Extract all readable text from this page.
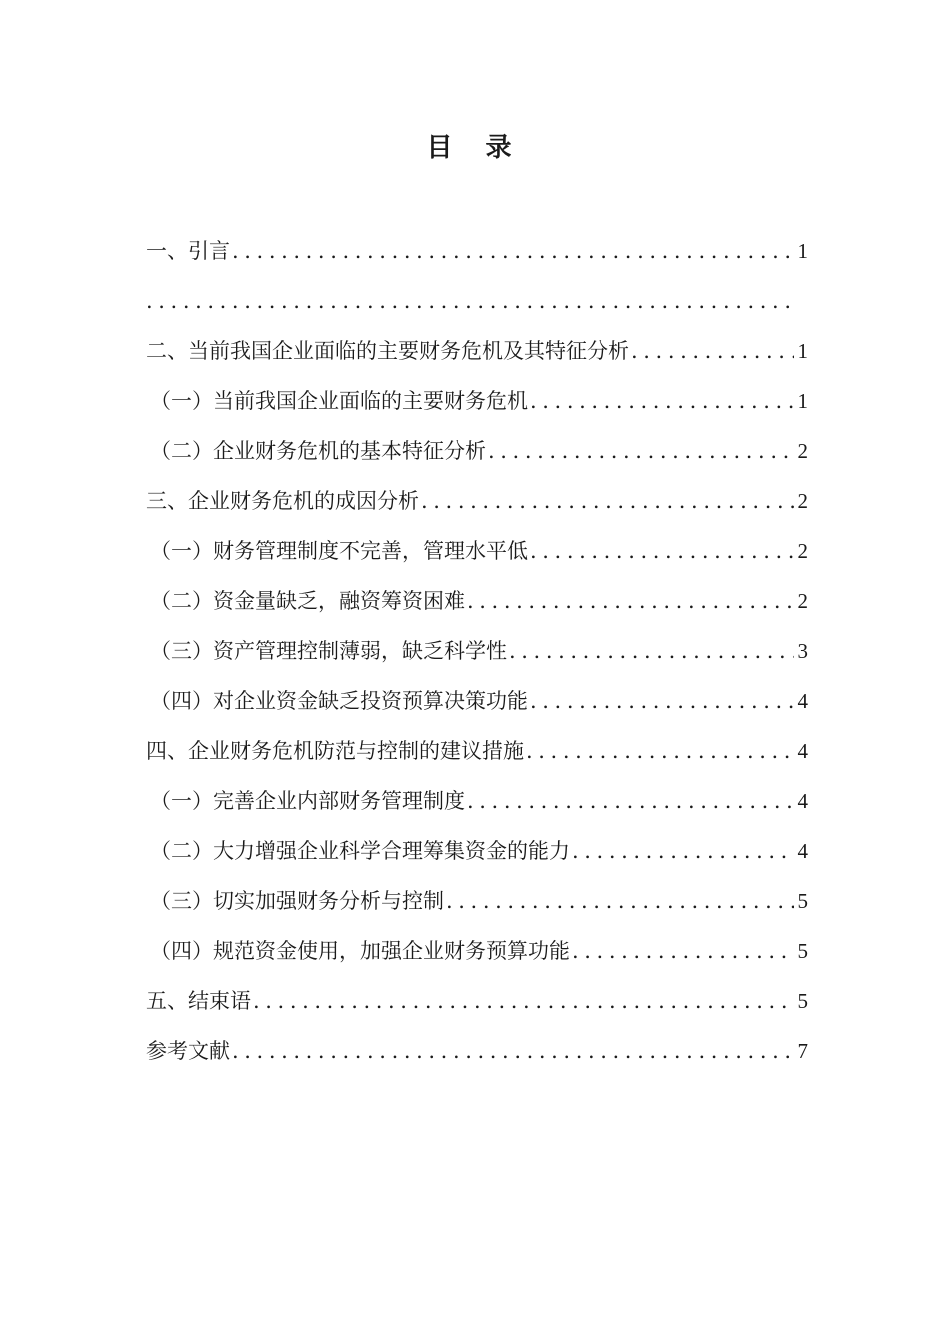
目 录
一、引言 .....	1
.....
二、当前我国企业面临的主要财务危机及其特征分析 .....	1
（一）当前我国企业面临的主要财务危机 .....	1
（二）企业财务危机的基本特征分析 .....	2
三、企业财务危机的成因分析 .....	2
（一）财务管理制度不完善，管理水平低 .....	2
（二）资金量缺乏，融资筹资困难 .....	2
（三）资产管理控制薄弱，缺乏科学性 .....	3
（四）对企业资金缺乏投资预算决策功能 .....	4
四、企业财务危机防范与控制的建议措施 .....	4
（一）完善企业内部财务管理制度 .....	4
（二）大力增强企业科学合理筹集资金的能力 .....	4
（三）切实加强财务分析与控制 .....	5
（四）规范资金使用，加强企业财务预算功能 .....	5
五、结束语 .....	5
参考文献 .....	7
